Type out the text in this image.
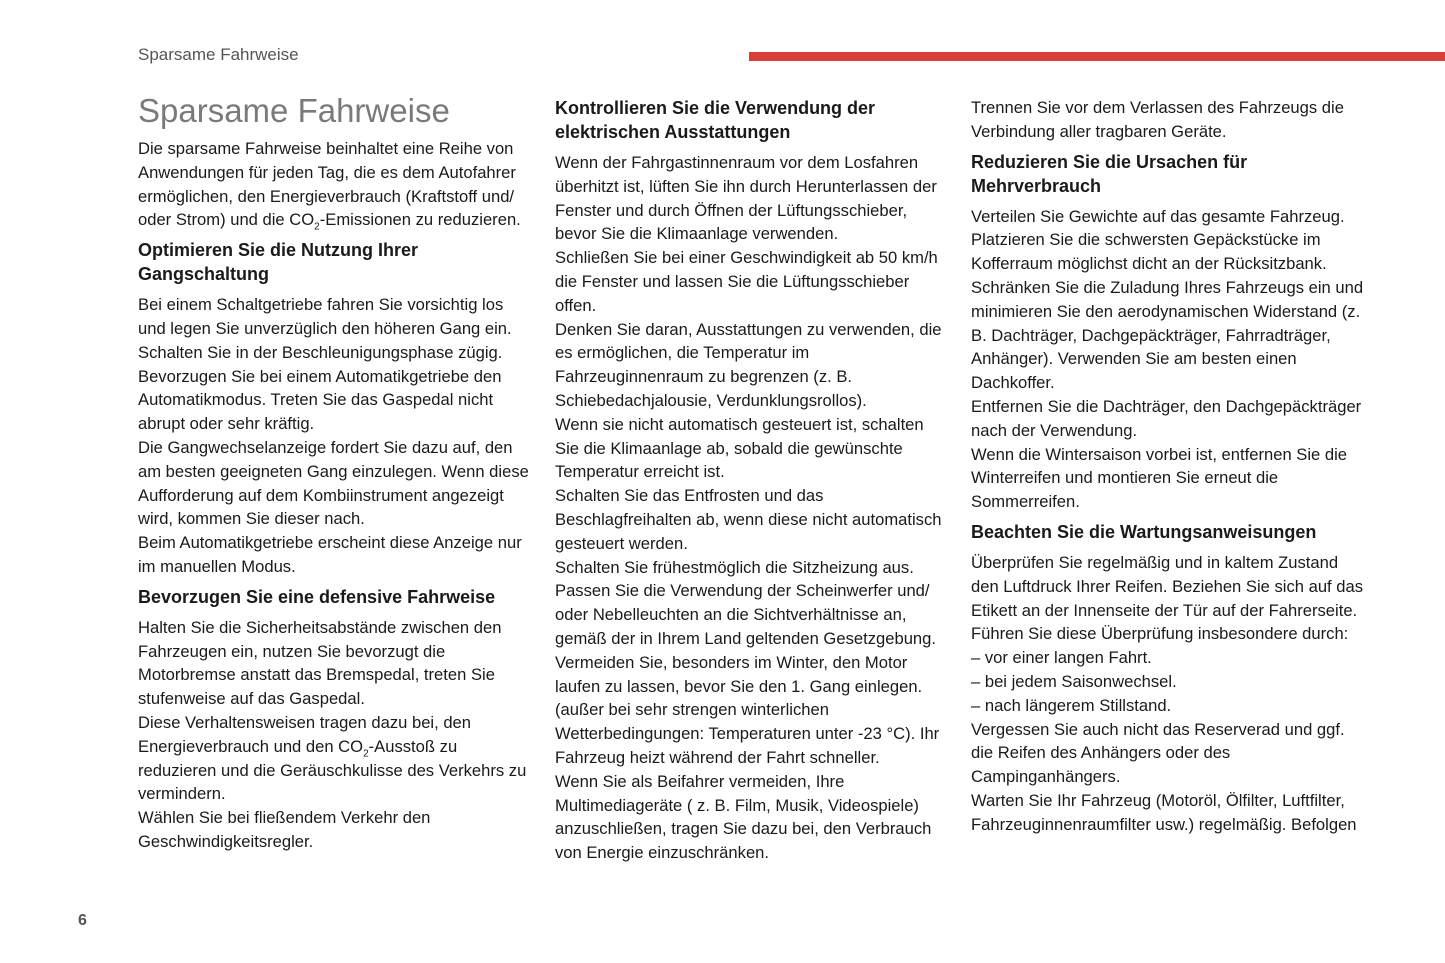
Sparsame Fahrweise
Sparsame Fahrweise

Die sparsame Fahrweise beinhaltet eine Reihe von Anwendungen für jeden Tag, die es dem Autofahrer ermöglichen, den Energieverbrauch (Kraftstoff und/ oder Strom) und die $CO_2$-Emissionen zu reduzieren.

Optimieren Sie die Nutzung Ihrer Gangschaltung

Bei einem Schaltgetriebe fahren Sie vorsichtig los und legen Sie unverzüglich den höheren Gang ein. Schalten Sie in der Beschleunigungsphase zügig.

Bevorzugen Sie bei einem Automatikgetriebe den Automatikmodus. Treten Sie das Gaspedal nicht abrupt oder sehr kräftig.

Die Gangwechselanzeige fordert Sie dazu auf, den am besten geeigneten Gang einzulegen. Wenn diese Aufforderung auf dem Kombiinstrument angezeigt wird, kommen Sie dieser nach.

Beim Automatikgetriebe erscheint diese Anzeige nur im manuellen Modus.

Bevorzugen Sie eine defensive Fahrweise

Halten Sie die Sicherheitsabstände zwischen den Fahrzeugen ein, nutzen Sie bevorzugt die Motorbremse anstatt das Bremspedal, treten Sie stufenweise auf das Gaspedal.

Diese Verhaltensweisen tragen dazu bei, den Energieverbrauch und den $CO_2$-Ausstoß zu reduzieren und die Geräuschkulisse des Verkehrs zu vermindern.

Wählen Sie bei fließendem Verkehr den Geschwindigkeitsregler.

Kontrollieren Sie die Verwendung der elektrischen Ausstattungen

Wenn der Fahrgastinnenraum vor dem Losfahren überhitzt ist, lüften Sie ihn durch Herunterlassen der Fenster und durch Öffnen der Lüftungsschieber, bevor Sie die Klimaanlage verwenden.

Schließen Sie bei einer Geschwindigkeit ab 50 km/h die Fenster und lassen Sie die Lüftungsschieber offen.

Denken Sie daran, Ausstattungen zu verwenden, die es ermöglichen, die Temperatur im Fahrzeuginnenraum zu begrenzen (z. B. Schiebedachjalousie, Verdunklungsrollos).

Wenn sie nicht automatisch gesteuert ist, schalten Sie die Klimaanlage ab, sobald die gewünschte Temperatur erreicht ist.

Schalten Sie das Entfrosten und das Beschlagfreihalten ab, wenn diese nicht automatisch gesteuert werden.

Schalten Sie frühestmöglich die Sitzheizung aus.

Passen Sie die Verwendung der Scheinwerfer und/ oder Nebelleuchten an die Sichtverhältnisse an, gemäß der in Ihrem Land geltenden Gesetzgebung.

Vermeiden Sie, besonders im Winter, den Motor laufen zu lassen, bevor Sie den 1. Gang einlegen.(außer bei sehr strengen winterlichen Wetterbedingungen: Temperaturen unter -23 °C). Ihr Fahrzeug heizt während der Fahrt schneller.

Wenn Sie als Beifahrer vermeiden, Ihre Multimediageräte ( z. B. Film, Musik, Videospiele) anzuschließen, tragen Sie dazu bei, den Verbrauch von Energie einzuschränken.

Trennen Sie vor dem Verlassen des Fahrzeugs die Verbindung aller tragbaren Geräte.

Reduzieren Sie die Ursachen für Mehrverbrauch

Verteilen Sie Gewichte auf das gesamte Fahrzeug. Platzieren Sie die schwersten Gepäckstücke im Kofferraum möglichst dicht an der Rücksitzbank.

Schränken Sie die Zuladung Ihres Fahrzeugs ein und minimieren Sie den aerodynamischen Widerstand (z. B. Dachträger, Dachgepäckträger, Fahrradträger, Anhänger). Verwenden Sie am besten einen Dachkoffer.

Entfernen Sie die Dachträger, den Dachgepäckträger nach der Verwendung.

Wenn die Wintersaison vorbei ist, entfernen Sie die Winterreifen und montieren Sie erneut die Sommerreifen.

Beachten Sie die Wartungsanweisungen

Überprüfen Sie regelmäßig und in kaltem Zustand den Luftdruck Ihrer Reifen. Beziehen Sie sich auf das Etikett an der Innenseite der Tür auf der Fahrerseite.

Führen Sie diese Überprüfung insbesondere durch:

– vor einer langen Fahrt.

– bei jedem Saisonwechsel.

– nach längerem Stillstand.

Vergessen Sie auch nicht das Reserverad und ggf. die Reifen des Anhängers oder des Campinganhängers.

Warten Sie Ihr Fahrzeug (Motoröl, Ölfilter, Luftfilter, Fahrzeuginnenraumfilter usw.) regelmäßig. Befolgen

6
